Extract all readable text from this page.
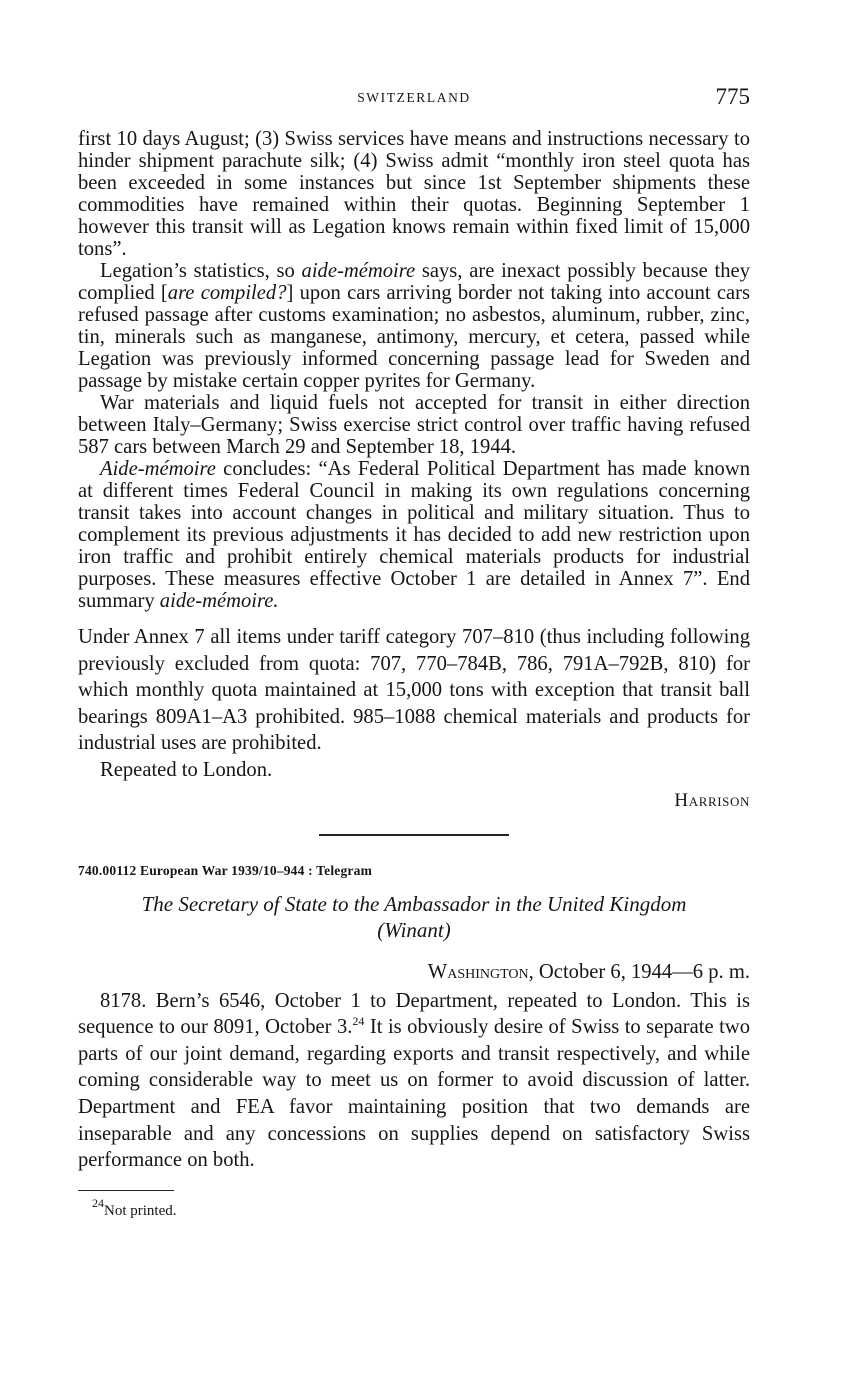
SWITZERLAND	775

first 10 days August; (3) Swiss services have means and instructions necessary to hinder shipment parachute silk; (4) Swiss admit “monthly iron steel quota has been exceeded in some instances but since 1st September shipments these commodities have remained within their quotas. Beginning September 1 however this transit will as Legation knows remain within fixed limit of 15,000 tons”.

Legation’s statistics, so aide-mémoire says, are inexact possibly because they complied [are compiled?] upon cars arriving border not taking into account cars refused passage after customs examination; no asbestos, aluminum, rubber, zinc, tin, minerals such as manganese, antimony, mercury, et cetera, passed while Legation was previously informed concerning passage lead for Sweden and passage by mistake certain copper pyrites for Germany.

War materials and liquid fuels not accepted for transit in either direction between Italy–Germany; Swiss exercise strict control over traffic having refused 587 cars between March 29 and September 18, 1944.

Aide-mémoire concludes: “As Federal Political Department has made known at different times Federal Council in making its own regulations concerning transit takes into account changes in political and military situation. Thus to complement its previous adjustments it has decided to add new restriction upon iron traffic and prohibit entirely chemical materials products for industrial purposes. These measures effective October 1 are detailed in Annex 7”. End summary aide-mémoire.

Under Annex 7 all items under tariff category 707–810 (thus including following previously excluded from quota: 707, 770–784B, 786, 791A–792B, 810) for which monthly quota maintained at 15,000 tons with exception that transit ball bearings 809A1–A3 prohibited. 985–1088 chemical materials and products for industrial uses are prohibited.

Repeated to London.

Harrison
740.00112 European War 1939/10–944 : Telegram
The Secretary of State to the Ambassador in the United Kingdom
(Winant)
Washington, October 6, 1944—6 p. m.

8178. Bern’s 6546, October 1 to Department, repeated to London. This is sequence to our 8091, October 3.24 It is obviously desire of Swiss to separate two parts of our joint demand, regarding exports and transit respectively, and while coming considerable way to meet us on former to avoid discussion of latter. Department and FEA favor maintaining position that two demands are inseparable and any concessions on supplies depend on satisfactory Swiss performance on both.

$^{24}$Not printed.
